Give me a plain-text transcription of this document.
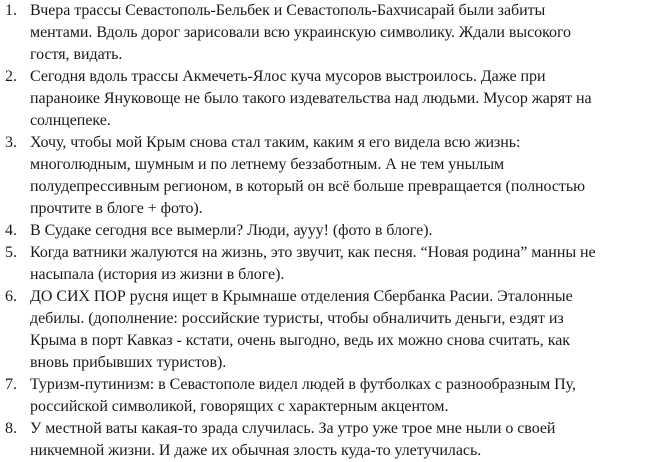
1. Вчера трассы Севастополь-Бельбек и Севастополь-Бахчисарай были забиты
ментами. Вдоль дорог зарисовали всю украинскую символику. Ждали высокого
гостя, видать.
2. Сегодня вдоль трассы Акмечеть-Ялос куча мусоров выстроилось. Даже при
параноике Януковоще не было такого издевательства над людьми. Мусор жарят на
солнцепеке.
3. Хочу, чтобы мой Крым снова стал таким, каким я его видела всю жизнь:
многолюдным, шумным и по летнему беззаботным. А не тем унылым
полудепрессивным регионом, в который он всё больше превращается (полностью
прочтите в блоге + фото).
4. В Судаке сегодня все вымерли? Люди, аууу! (фото в блоге).
5. Когда ватники жалуются на жизнь, это звучит, как песня. “Новая родина” манны не
насыпала (история из жизни в блоге).
6. ДО СИХ ПОР русня ищет в Крымнаше отделения Сбербанка Расии. Эталонные
дебилы. (дополнение: российские туристы, чтобы обналичить деньги, ездят из
Крыма в порт Кавказ - кстати, очень выгодно, ведь их можно снова считать, как
вновь прибывших туристов).
7. Туризм-путинизм: в Севастополе видел людей в футболках с разнообразным Пу,
российской символикой, говорящих с характерным акцентом.
8. У местной ваты какая-то зрада случилась. За утро уже трое мне ныли о своей
никчемной жизни. И даже их обычная злость куда-то улетучилась.
